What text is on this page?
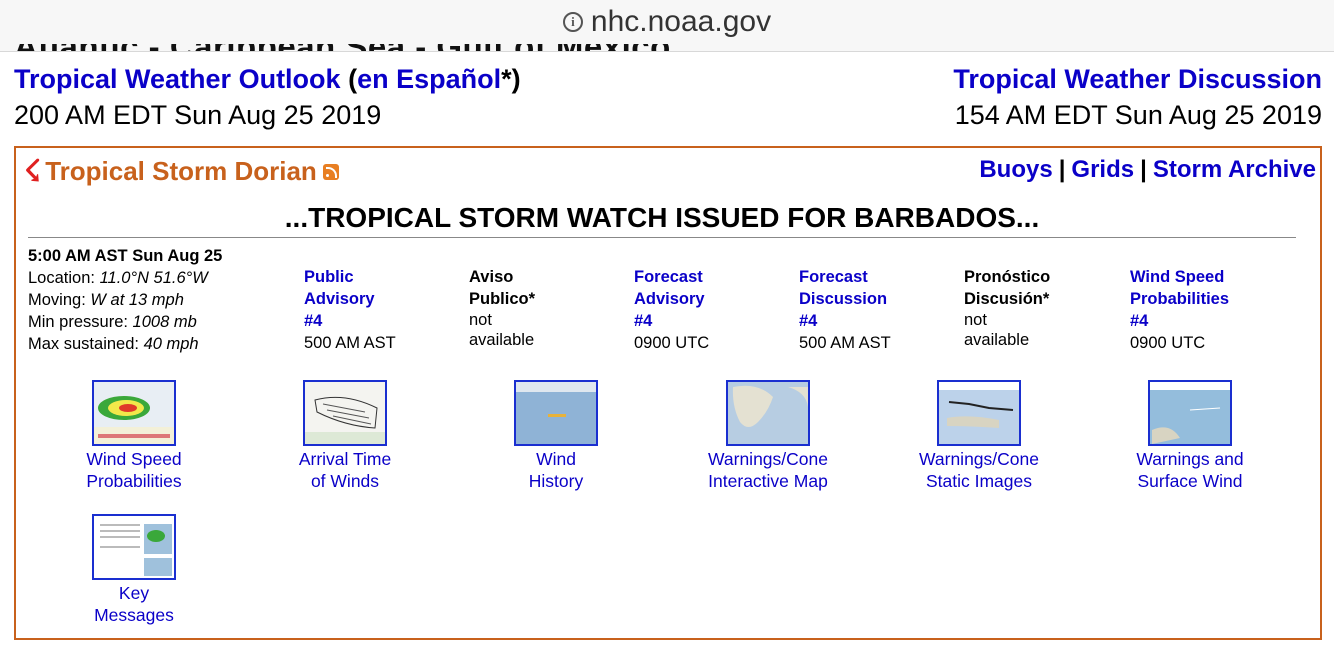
i nhc.noaa.gov
Tropical Weather Outlook (en Español*)
200 AM EDT Sun Aug 25 2019
Tropical Weather Discussion
154 AM EDT Sun Aug 25 2019
☇ Tropical Storm Dorian	Buoys | Grids | Storm Archive
...TROPICAL STORM WATCH ISSUED FOR BARBADOS...
5:00 AM AST Sun Aug 25
Location: 11.0°N 51.6°W
Moving: W at 13 mph
Min pressure: 1008 mb
Max sustained: 40 mph
Public
Advisory
#4
500 AM AST
Aviso
Publico*
not
available
Forecast
Advisory
#4
0900 UTC
Forecast
Discussion
#4
500 AM AST
Pronóstico
Discusión*
not
available
Wind Speed
Probabilities
#4
0900 UTC
Wind Speed
Probabilities
Arrival Time
of Winds
Wind
History
Warnings/Cone
Interactive Map
Warnings/Cone
Static Images
Warnings and
Surface Wind
Key
Messages
